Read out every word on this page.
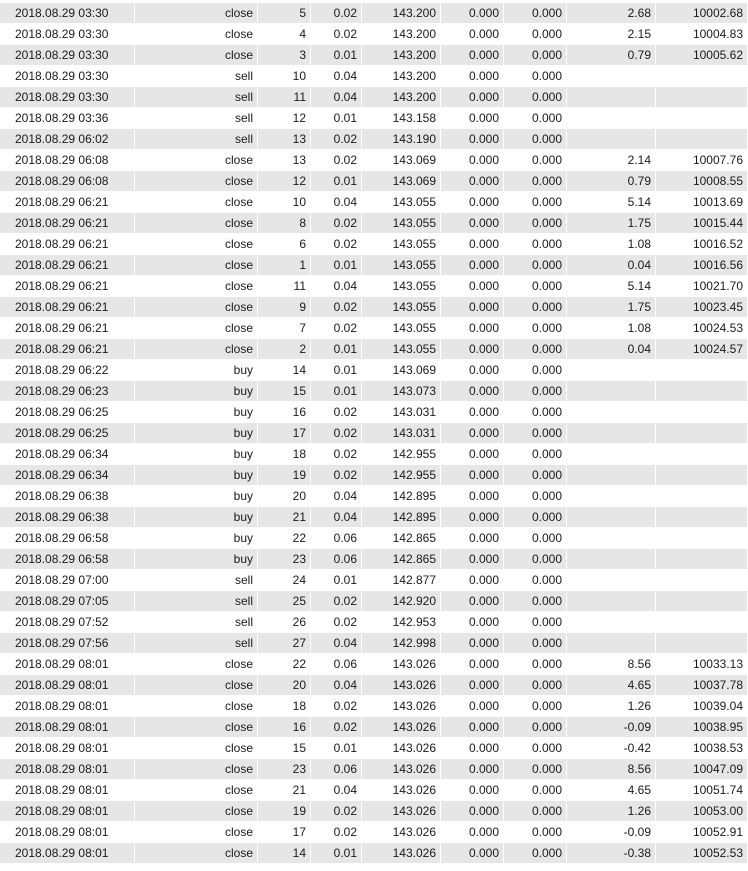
2018.08.29 03:30	close	5	0.02	143.200	0.000	0.000	2.68	10002.68
2018.08.29 03:30	close	4	0.02	143.200	0.000	0.000	2.15	10004.83
2018.08.29 03:30	close	3	0.01	143.200	0.000	0.000	0.79	10005.62
2018.08.29 03:30	sell	10	0.04	143.200	0.000	0.000		
2018.08.29 03:30	sell	11	0.04	143.200	0.000	0.000		
2018.08.29 03:36	sell	12	0.01	143.158	0.000	0.000		
2018.08.29 06:02	sell	13	0.02	143.190	0.000	0.000		
2018.08.29 06:08	close	13	0.02	143.069	0.000	0.000	2.14	10007.76
2018.08.29 06:08	close	12	0.01	143.069	0.000	0.000	0.79	10008.55
2018.08.29 06:21	close	10	0.04	143.055	0.000	0.000	5.14	10013.69
2018.08.29 06:21	close	8	0.02	143.055	0.000	0.000	1.75	10015.44
2018.08.29 06:21	close	6	0.02	143.055	0.000	0.000	1.08	10016.52
2018.08.29 06:21	close	1	0.01	143.055	0.000	0.000	0.04	10016.56
2018.08.29 06:21	close	11	0.04	143.055	0.000	0.000	5.14	10021.70
2018.08.29 06:21	close	9	0.02	143.055	0.000	0.000	1.75	10023.45
2018.08.29 06:21	close	7	0.02	143.055	0.000	0.000	1.08	10024.53
2018.08.29 06:21	close	2	0.01	143.055	0.000	0.000	0.04	10024.57
2018.08.29 06:22	buy	14	0.01	143.069	0.000	0.000		
2018.08.29 06:23	buy	15	0.01	143.073	0.000	0.000		
2018.08.29 06:25	buy	16	0.02	143.031	0.000	0.000		
2018.08.29 06:25	buy	17	0.02	143.031	0.000	0.000		
2018.08.29 06:34	buy	18	0.02	142.955	0.000	0.000		
2018.08.29 06:34	buy	19	0.02	142.955	0.000	0.000		
2018.08.29 06:38	buy	20	0.04	142.895	0.000	0.000		
2018.08.29 06:38	buy	21	0.04	142.895	0.000	0.000		
2018.08.29 06:58	buy	22	0.06	142.865	0.000	0.000		
2018.08.29 06:58	buy	23	0.06	142.865	0.000	0.000		
2018.08.29 07:00	sell	24	0.01	142.877	0.000	0.000		
2018.08.29 07:05	sell	25	0.02	142.920	0.000	0.000		
2018.08.29 07:52	sell	26	0.02	142.953	0.000	0.000		
2018.08.29 07:56	sell	27	0.04	142.998	0.000	0.000		
2018.08.29 08:01	close	22	0.06	143.026	0.000	0.000	8.56	10033.13
2018.08.29 08:01	close	20	0.04	143.026	0.000	0.000	4.65	10037.78
2018.08.29 08:01	close	18	0.02	143.026	0.000	0.000	1.26	10039.04
2018.08.29 08:01	close	16	0.02	143.026	0.000	0.000	-0.09	10038.95
2018.08.29 08:01	close	15	0.01	143.026	0.000	0.000	-0.42	10038.53
2018.08.29 08:01	close	23	0.06	143.026	0.000	0.000	8.56	10047.09
2018.08.29 08:01	close	21	0.04	143.026	0.000	0.000	4.65	10051.74
2018.08.29 08:01	close	19	0.02	143.026	0.000	0.000	1.26	10053.00
2018.08.29 08:01	close	17	0.02	143.026	0.000	0.000	-0.09	10052.91
2018.08.29 08:01	close	14	0.01	143.026	0.000	0.000	-0.38	10052.53
